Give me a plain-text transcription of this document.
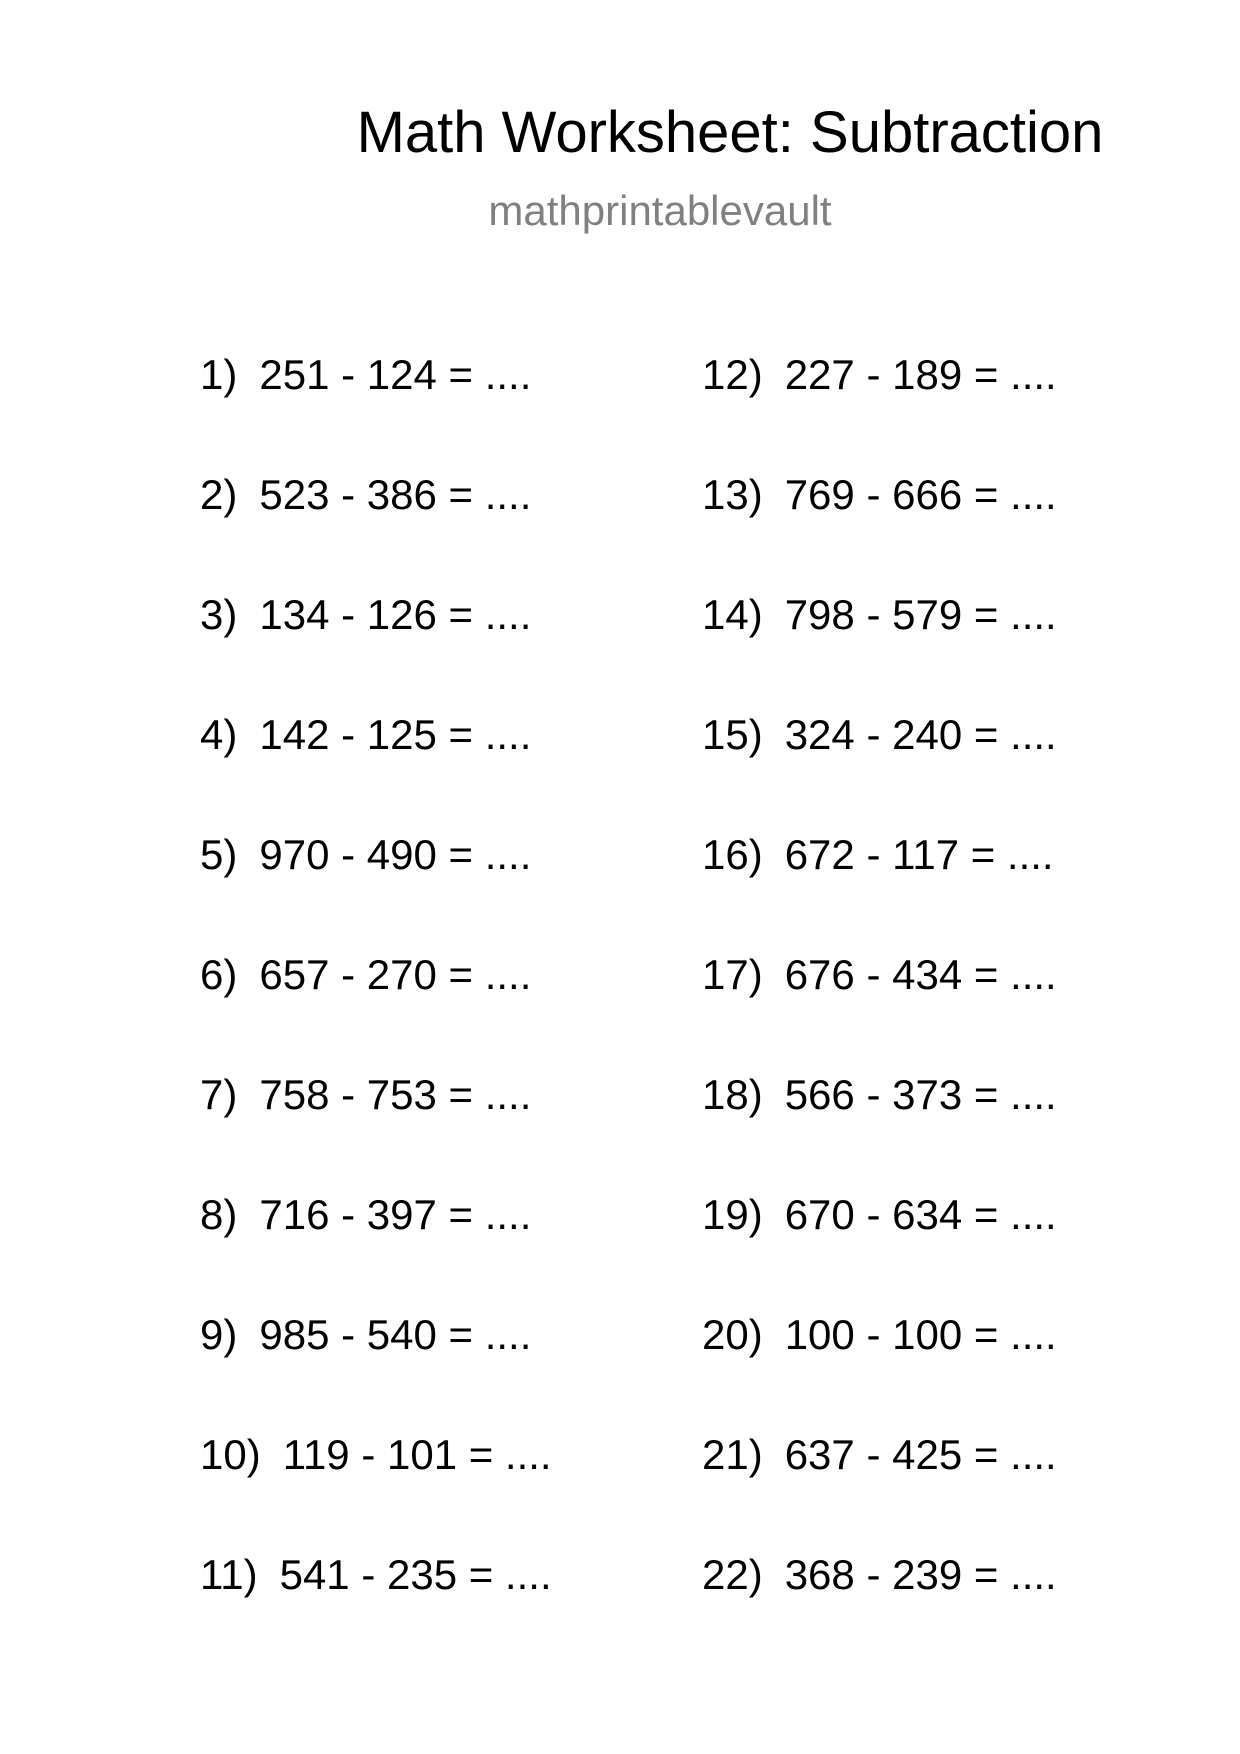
Math Worksheet: Subtraction
mathprintablevault
1) 251 - 124 = ....
2) 523 - 386 = ....
3) 134 - 126 = ....
4) 142 - 125 = ....
5) 970 - 490 = ....
6) 657 - 270 = ....
7) 758 - 753 = ....
8) 716 - 397 = ....
9) 985 - 540 = ....
10) 119 - 101 = ....
11) 541 - 235 = ....
12) 227 - 189 = ....
13) 769 - 666 = ....
14) 798 - 579 = ....
15) 324 - 240 = ....
16) 672 - 117 = ....
17) 676 - 434 = ....
18) 566 - 373 = ....
19) 670 - 634 = ....
20) 100 - 100 = ....
21) 637 - 425 = ....
22) 368 - 239 = ....
